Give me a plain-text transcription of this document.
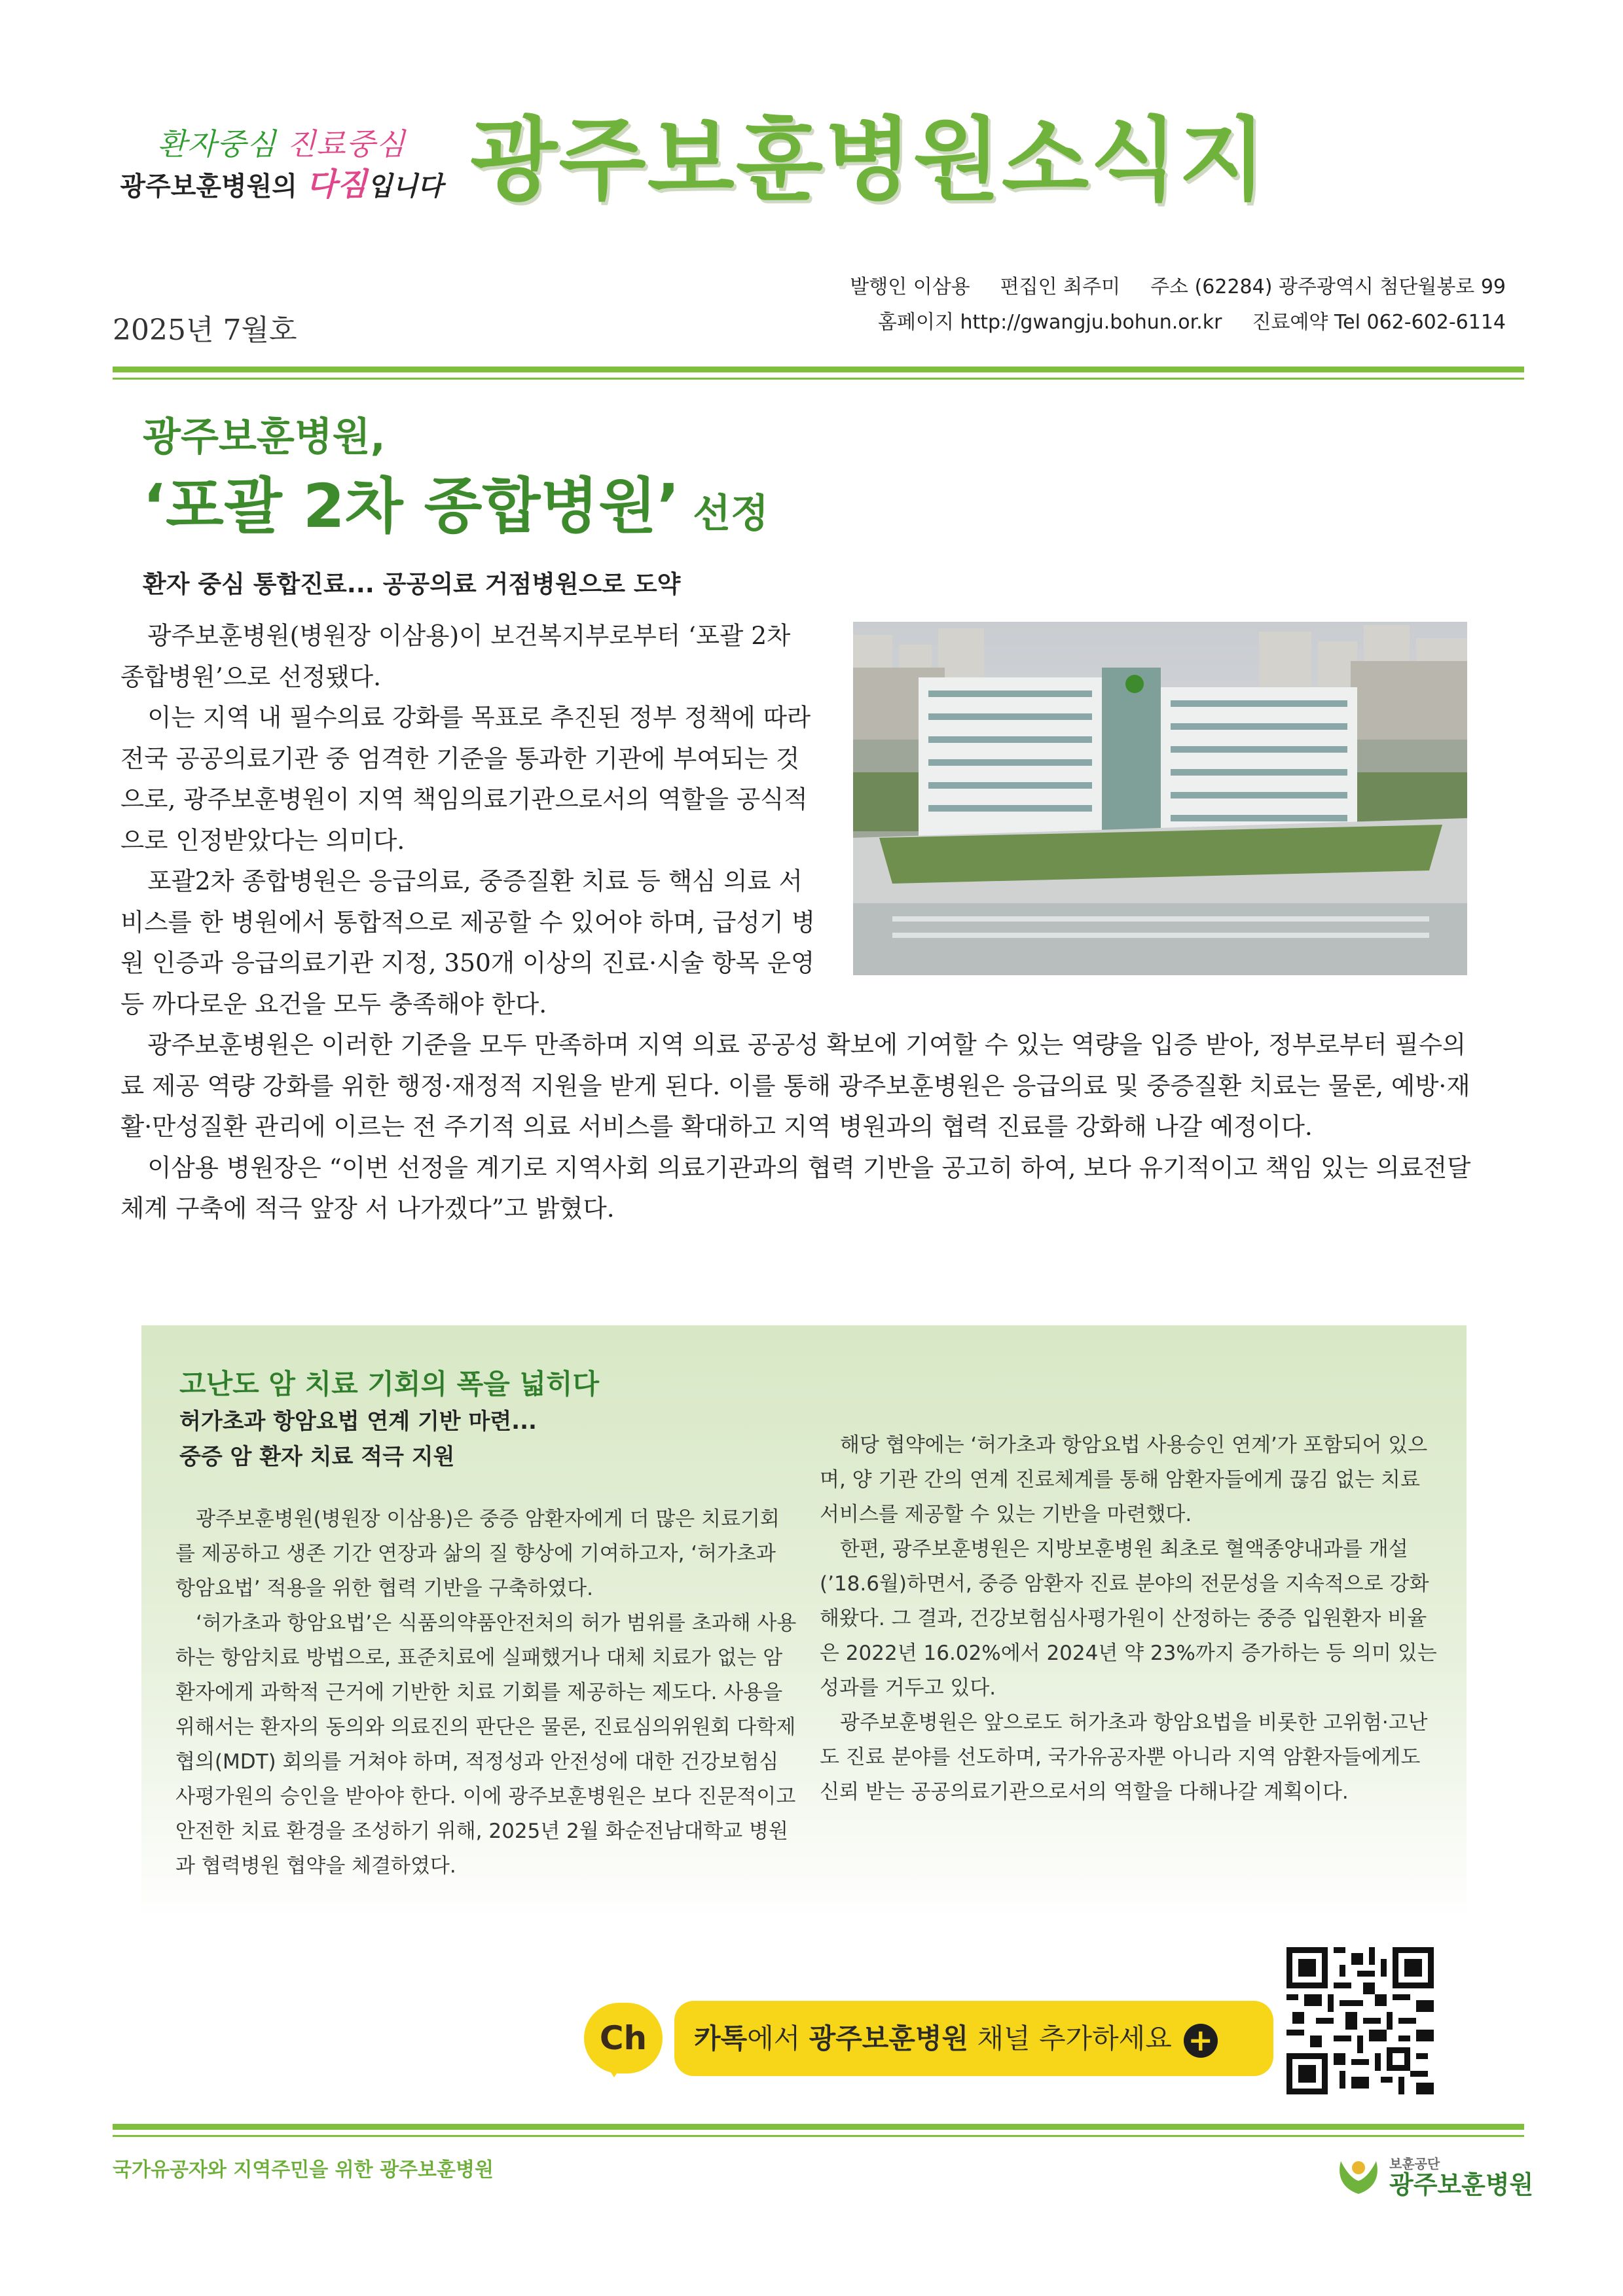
환자중심 진료중심
광주보훈병원의 다짐입니다 광주보훈병원소식지
2025년 7월호
발행인 이삼용 편집인 최주미 주소 (62284) 광주광역시 첨단월봉로 99
홈페이지 http://gwangju.bohun.or.kr 진료예약 Tel 062-602-6114
광주보훈병원,
‘포괄 2차 종합병원’ 선정
환자 중심 통합진료... 공공의료 거점병원으로 도약

광주보훈병원(병원장 이삼용)이 보건복지부로부터 ‘포괄 2차 종합병원’으로 선정됐다.

이는 지역 내 필수의료 강화를 목표로 추진된 정부 정책에 따라 전국 공공의료기관 중 엄격한 기준을 통과한 기관에 부여되는 것으로, 광주보훈병원이 지역 책임의료기관으로서의 역할을 공식적으로 인정받았다는 의미다.

포괄2차 종합병원은 응급의료, 중증질환 치료 등 핵심 의료 서비스를 한 병원에서 통합적으로 제공할 수 있어야 하며, 급성기 병원 인증과 응급의료기관 지정, 350개 이상의 진료·시술 항목 운영 등 까다로운 요건을 모두 충족해야 한다.

광주보훈병원은 이러한 기준을 모두 만족하며 지역 의료 공공성 확보에 기여할 수 있는 역량을 입증 받아, 정부로부터 필수의료 제공 역량 강화를 위한 행정·재정적 지원을 받게 된다. 이를 통해 광주보훈병원은 응급의료 및 중증질환 치료는 물론, 예방·재활·만성질환 관리에 이르는 전 주기적 의료 서비스를 확대하고 지역 병원과의 협력 진료를 강화해 나갈 예정이다.

이삼용 병원장은 “이번 선정을 계기로 지역사회 의료기관과의 협력 기반을 공고히 하여, 보다 유기적이고 책임 있는 의료전달체계 구축에 적극 앞장 서 나가겠다”고 밝혔다.

고난도 암 치료 기회의 폭을 넓히다
허가초과 항암요법 연계 기반 마련...
중증 암 환자 치료 적극 지원

광주보훈병원(병원장 이삼용)은 중증 암환자에게 더 많은 치료기회를 제공하고 생존 기간 연장과 삶의 질 향상에 기여하고자, ‘허가초과 항암요법’ 적용을 위한 협력 기반을 구축하였다.

‘허가초과 항암요법’은 식품의약품안전처의 허가 범위를 초과해 사용하는 항암치료 방법으로, 표준치료에 실패했거나 대체 치료가 없는 암환자에게 과학적 근거에 기반한 치료 기회를 제공하는 제도다. 사용을 위해서는 환자의 동의와 의료진의 판단은 물론, 진료심의위원회 다학제협의(MDT) 회의를 거쳐야 하며, 적정성과 안전성에 대한 건강보험심사평가원의 승인을 받아야 한다. 이에 광주보훈병원은 보다 진문적이고 안전한 치료 환경을 조성하기 위해, 2025년 2월 화순전남대학교 병원과 협력병원 협약을 체결하였다.

해당 협약에는 ‘허가초과 항암요법 사용승인 연계’가 포함되어 있으며, 양 기관 간의 연계 진료체계를 통해 암환자들에게 끊김 없는 치료 서비스를 제공할 수 있는 기반을 마련했다.

한편, 광주보훈병원은 지방보훈병원 최초로 혈액종양내과를 개설(’18.6월)하면서, 중증 암환자 진료 분야의 전문성을 지속적으로 강화해왔다. 그 결과, 건강보험심사평가원이 산정하는 중증 입원환자 비율은 2022년 16.02%에서 2024년 약 23%까지 증가하는 등 의미 있는 성과를 거두고 있다.

광주보훈병원은 앞으로도 허가초과 항암요법을 비롯한 고위험·고난도 진료 분야를 선도하며, 국가유공자뿐 아니라 지역 암환자들에게도 신뢰 받는 공공의료기관으로서의 역할을 다해나갈 계획이다.

Ch	카톡에서 광주보훈병원 채널 추가하세요 +
국가유공자와 지역주민을 위한 광주보훈병원	보훈공단
광주보훈병원
